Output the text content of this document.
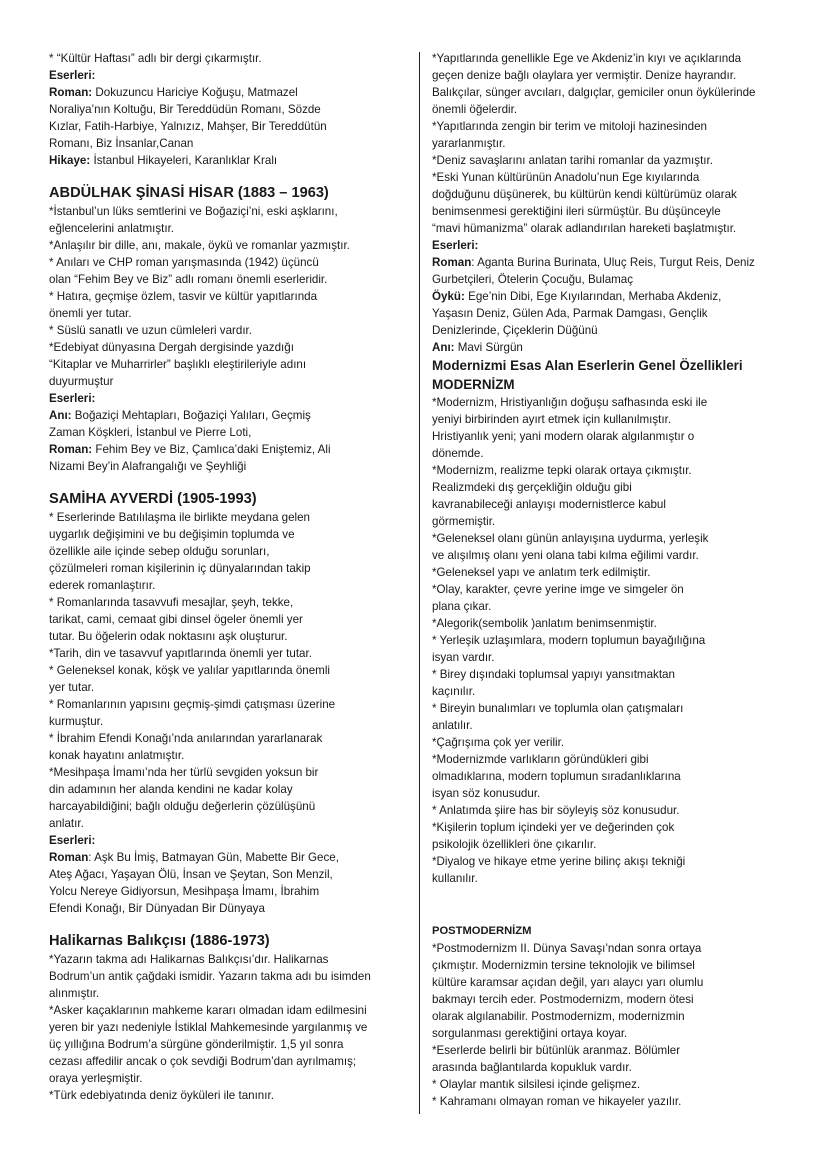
* “Kültür Haftası” adlı bir dergi çıkarmıştır.
Eserleri:
Roman: Dokuzuncu Hariciye Koğuşu, Matmazel
Noraliya’nın Koltuğu, Bir Tereddüdün Romanı, Sözde
Kızlar, Fatih-Harbiye, Yalnızız, Mahşer, Bir Tereddütün
Romanı, Biz İnsanlar,Canan
Hikaye: İstanbul Hikayeleri, Karanlıklar Kralı
ABDÜLHAK ŞİNASİ HİSAR (1883 – 1963)
*İstanbul’un lüks semtlerini ve Boğaziçi’ni, eski aşklarını,
eğlencelerini anlatmıştır.
*Anlaşılır bir dille, anı, makale, öykü ve romanlar yazmıştır.
* Anıları ve CHP roman yarışmasında (1942) üçüncü
olan “Fehim Bey ve Biz” adlı romanı önemli eserleridir.
* Hatıra, geçmişe özlem, tasvir ve kültür yapıtlarında
önemli yer tutar.
* Süslü sanatlı ve uzun cümleleri vardır.
*Edebiyat dünyasına Dergah dergisinde yazdığı
“Kitaplar ve Muharrirler” başlıklı eleştirileriyle adını
duyurmuştur
Eserleri:
Anı: Boğaziçi Mehtapları, Boğaziçi Yalıları, Geçmiş
Zaman Köşkleri, İstanbul ve Pierre Loti,
Roman: Fehim Bey ve Biz, Çamlıca’daki Eniştemiz, Ali
Nizami Bey’in Alafrangalığı ve Şeyhliği
SAMİHA AYVERDİ (1905-1993)
* Eserlerinde Batılılaşma ile birlikte meydana gelen
uygarlık değişimini ve bu değişimin toplumda ve
özellikle aile içinde sebep olduğu sorunları,
çözülmeleri roman kişilerinin iç dünyalarından takip
ederek romanlaştırır.
* Romanlarında tasavvufi mesajlar, şeyh, tekke,
tarikat, cami, cemaat gibi dinsel ögeler önemli yer
tutar. Bu öğelerin odak noktasını aşk oluşturur.
*Tarih, din ve tasavvuf yapıtlarında önemli yer tutar.
* Geleneksel konak, köşk ve yalılar yapıtlarında önemli
yer tutar.
* Romanlarının yapısını geçmiş-şimdi çatışması üzerine
kurmuştur.
* İbrahim Efendi Konağı’nda anılarından yararlanarak
konak hayatını anlatmıştır.
*Mesihpaşa İmamı’nda her türlü sevgiden yoksun bir
din adamının her alanda kendini ne kadar kolay
harcayabildiğini; bağlı olduğu değerlerin çözülüşünü
anlatır.
Eserleri:
Roman: Aşk Bu İmiş, Batmayan Gün, Mabette Bir Gece,
Ateş Ağacı, Yaşayan Ölü, İnsan ve Şeytan, Son Menzil,
Yolcu Nereye Gidiyorsun, Mesihpaşa İmamı, İbrahim
Efendi Konağı, Bir Dünyadan Bir Dünyaya
Halikarnas Balıkçısı (1886-1973)
*Yazarın takma adı Halikarnas Balıkçısı’dır. Halikarnas
Bodrum’un antik çağdaki ismidir. Yazarın takma adı bu isimden
alınmıştır.
*Asker kaçaklarının mahkeme kararı olmadan idam edilmesini
yeren bir yazı nedeniyle İstiklal Mahkemesinde yargılanmış ve
üç yıllığına Bodrum’a sürgüne gönderilmiştir. 1,5 yıl sonra
cezası affedilir ancak o çok sevdiği Bodrum’dan ayrılmamış;
oraya yerleşmiştir.
*Türk edebiyatında deniz öyküleri ile tanınır.
*Yapıtlarında genellikle Ege ve Akdeniz’in kıyı ve açıklarında
geçen denize bağlı olaylara yer vermiştir. Denize hayrandır.
Balıkçılar, sünger avcıları, dalgıçlar, gemiciler onun öykülerinde
önemli öğelerdir.
*Yapıtlarında zengin bir terim ve mitoloji hazinesinden
yararlanmıştır.
*Deniz savaşlarını anlatan tarihi romanlar da yazmıştır.
*Eski Yunan kültürünün Anadolu’nun Ege kıyılarında
doğduğunu düşünerek, bu kültürün kendi kültürümüz olarak
benimsenmesi gerektiğini ileri sürmüştür. Bu düşünceyle
“mavi hümanizma” olarak adlandırılan hareketi başlatmıştır.
Eserleri:
Roman: Aganta Burina Burinata, Uluç Reis, Turgut Reis, Deniz
Gurbetçileri, Ötelerin Çocuğu, Bulamaç
Öykü: Ege’nin Dibi, Ege Kıyılarından, Merhaba Akdeniz,
Yaşasın Deniz, Gülen Ada, Parmak Damgası, Gençlik
Denizlerinde, Çiçeklerin Düğünü
Anı: Mavi Sürgün
Modernizmi Esas Alan Eserlerin Genel Özellikleri
MODERNİZM
*Modernizm, Hristiyanlığın doğuşu safhasında eski ile
yeniyi birbirinden ayırt etmek için kullanılmıştır.
Hristiyanlık yeni; yani modern olarak algılanmıştır o
dönemde.
*Modernizm, realizme tepki olarak ortaya çıkmıştır.
Realizmdeki dış gerçekliğin olduğu gibi
kavranabileceği anlayışı modernistlerce kabul
görmemiştir.
*Geleneksel olanı günün anlayışına uydurma, yerleşik
ve alışılmış olanı yeni olana tabi kılma eğilimi vardır.
*Geleneksel yapı ve anlatım terk edilmiştir.
*Olay, karakter, çevre yerine imge ve simgeler ön
plana çıkar.
*Alegorik(sembolik )anlatım benimsenmiştir.
* Yerleşik uzlaşımlara, modern toplumun bayağılığına
isyan vardır.
* Birey dışındaki toplumsal yapıyı yansıtmaktan
kaçınılır.
* Bireyin bunalımları ve toplumla olan çatışmaları
anlatılır.
*Çağrışıma çok yer verilir.
*Modernizmde varlıkların göründükleri gibi
olmadıklarına, modern toplumun sıradanlıklarına
isyan söz konusudur.
* Anlatımda şiire has bir söyleyiş söz konusudur.
*Kişilerin toplum içindeki yer ve değerinden çok
psikolojik özellikleri öne çıkarılır.
*Diyalog ve hikaye etme yerine bilinç akışı tekniği
kullanılır.
POSTMODERNİZM
*Postmodernizm II. Dünya Savaşı’ndan sonra ortaya
çıkmıştır. Modernizmin tersine teknolojik ve bilimsel
kültüre karamsar açıdan değil, yarı alaycı yarı olumlu
bakmayı tercih eder. Postmodernizm, modern ötesi
olarak algılanabilir. Postmodernizm, modernizmin
sorgulanması gerektiğini ortaya koyar.
*Eserlerde belirli bir bütünlük aranmaz. Bölümler
arasında bağlantılarda kopukluk vardır.
* Olaylar mantık silsilesi içinde gelişmez.
* Kahramanı olmayan roman ve hikayeler yazılır.
